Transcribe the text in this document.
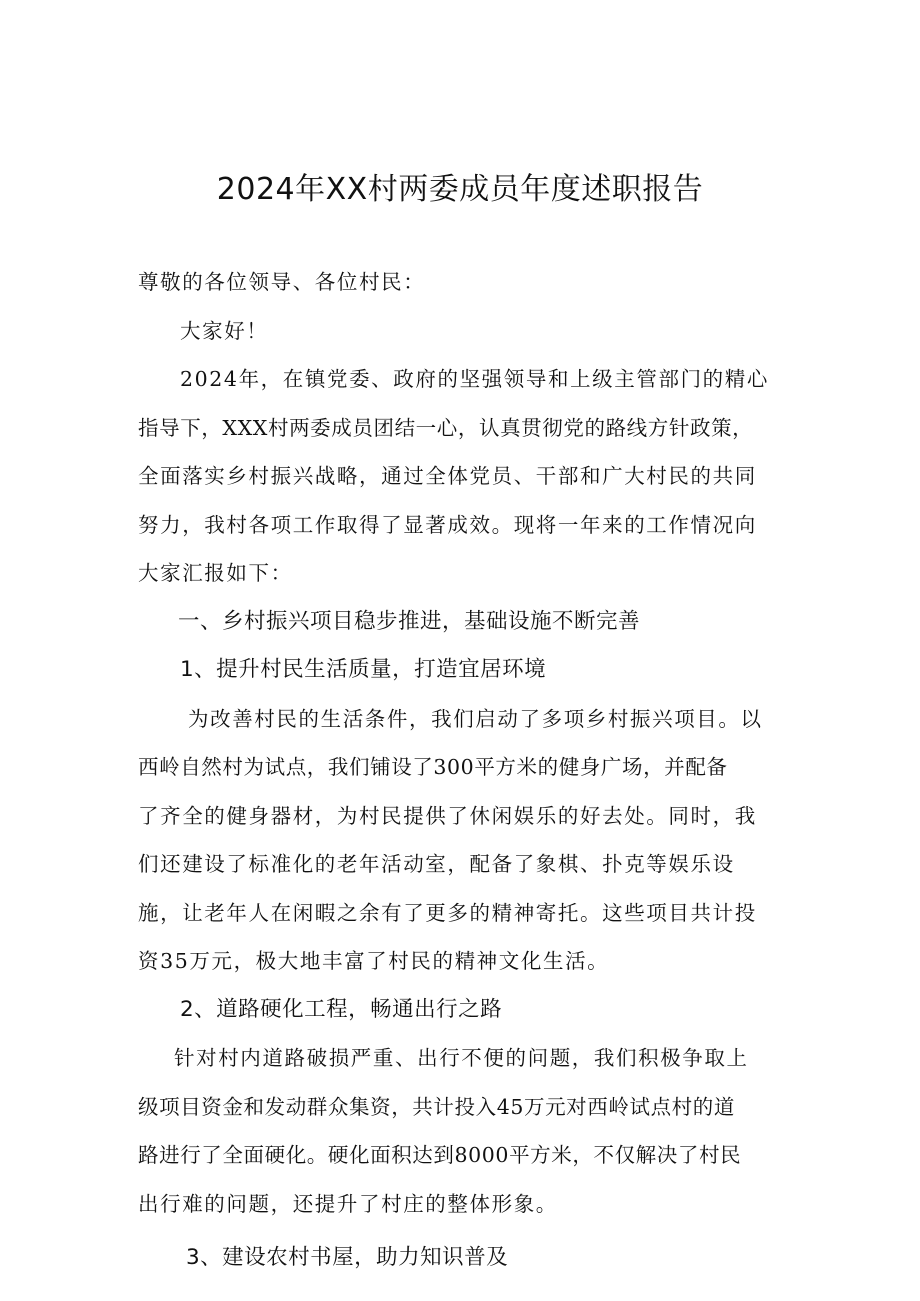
2024年XX村两委成员年度述职报告
尊敬的各位领导、各位村民：
大家好！
2024年，在镇党委、政府的坚强领导和上级主管部门的精心
指导下，XXX村两委成员团结一心，认真贯彻党的路线方针政策，
全面落实乡村振兴战略，通过全体党员、干部和广大村民的共同
努力，我村各项工作取得了显著成效。现将一年来的工作情况向
大家汇报如下：
一、乡村振兴项目稳步推进，基础设施不断完善
1、提升村民生活质量，打造宜居环境
为改善村民的生活条件，我们启动了多项乡村振兴项目。以
西岭自然村为试点，我们铺设了300平方米的健身广场，并配备
了齐全的健身器材，为村民提供了休闲娱乐的好去处。同时，我
们还建设了标准化的老年活动室，配备了象棋、扑克等娱乐设
施，让老年人在闲暇之余有了更多的精神寄托。这些项目共计投
资35万元，极大地丰富了村民的精神文化生活。
2、道路硬化工程，畅通出行之路
针对村内道路破损严重、出行不便的问题，我们积极争取上
级项目资金和发动群众集资，共计投入45万元对西岭试点村的道
路进行了全面硬化。硬化面积达到8000平方米，不仅解决了村民
出行难的问题，还提升了村庄的整体形象。
3、建设农村书屋，助力知识普及
